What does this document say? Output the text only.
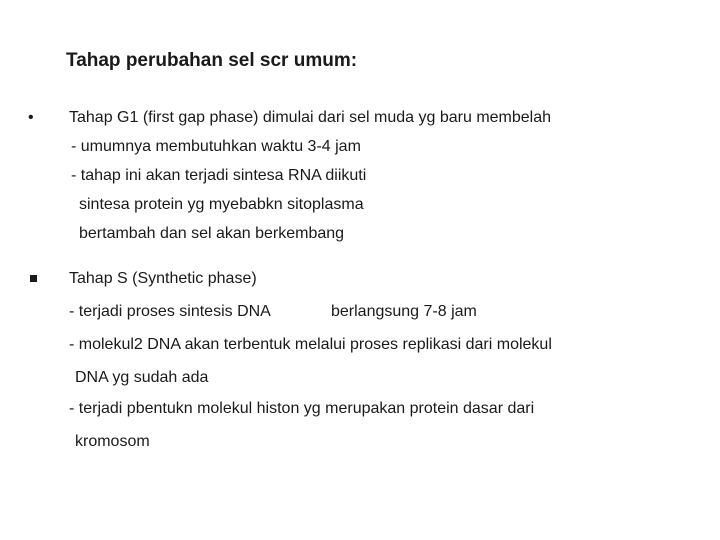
Tahap perubahan sel scr umum:
• Tahap G1 (first gap phase) dimulai dari sel muda yg baru membelah
- umumnya membutuhkan waktu 3-4 jam
- tahap ini akan terjadi sintesa RNA diikuti
sintesa protein yg myebabkn sitoplasma
bertambah dan sel akan berkembang
Tahap S (Synthetic phase)
- terjadi proses sintesis DNA	berlangsung 7-8 jam
- molekul2 DNA akan terbentuk melalui proses replikasi dari molekul
DNA yg sudah ada
- terjadi pbentukn molekul histon yg merupakan protein dasar dari
kromosom
